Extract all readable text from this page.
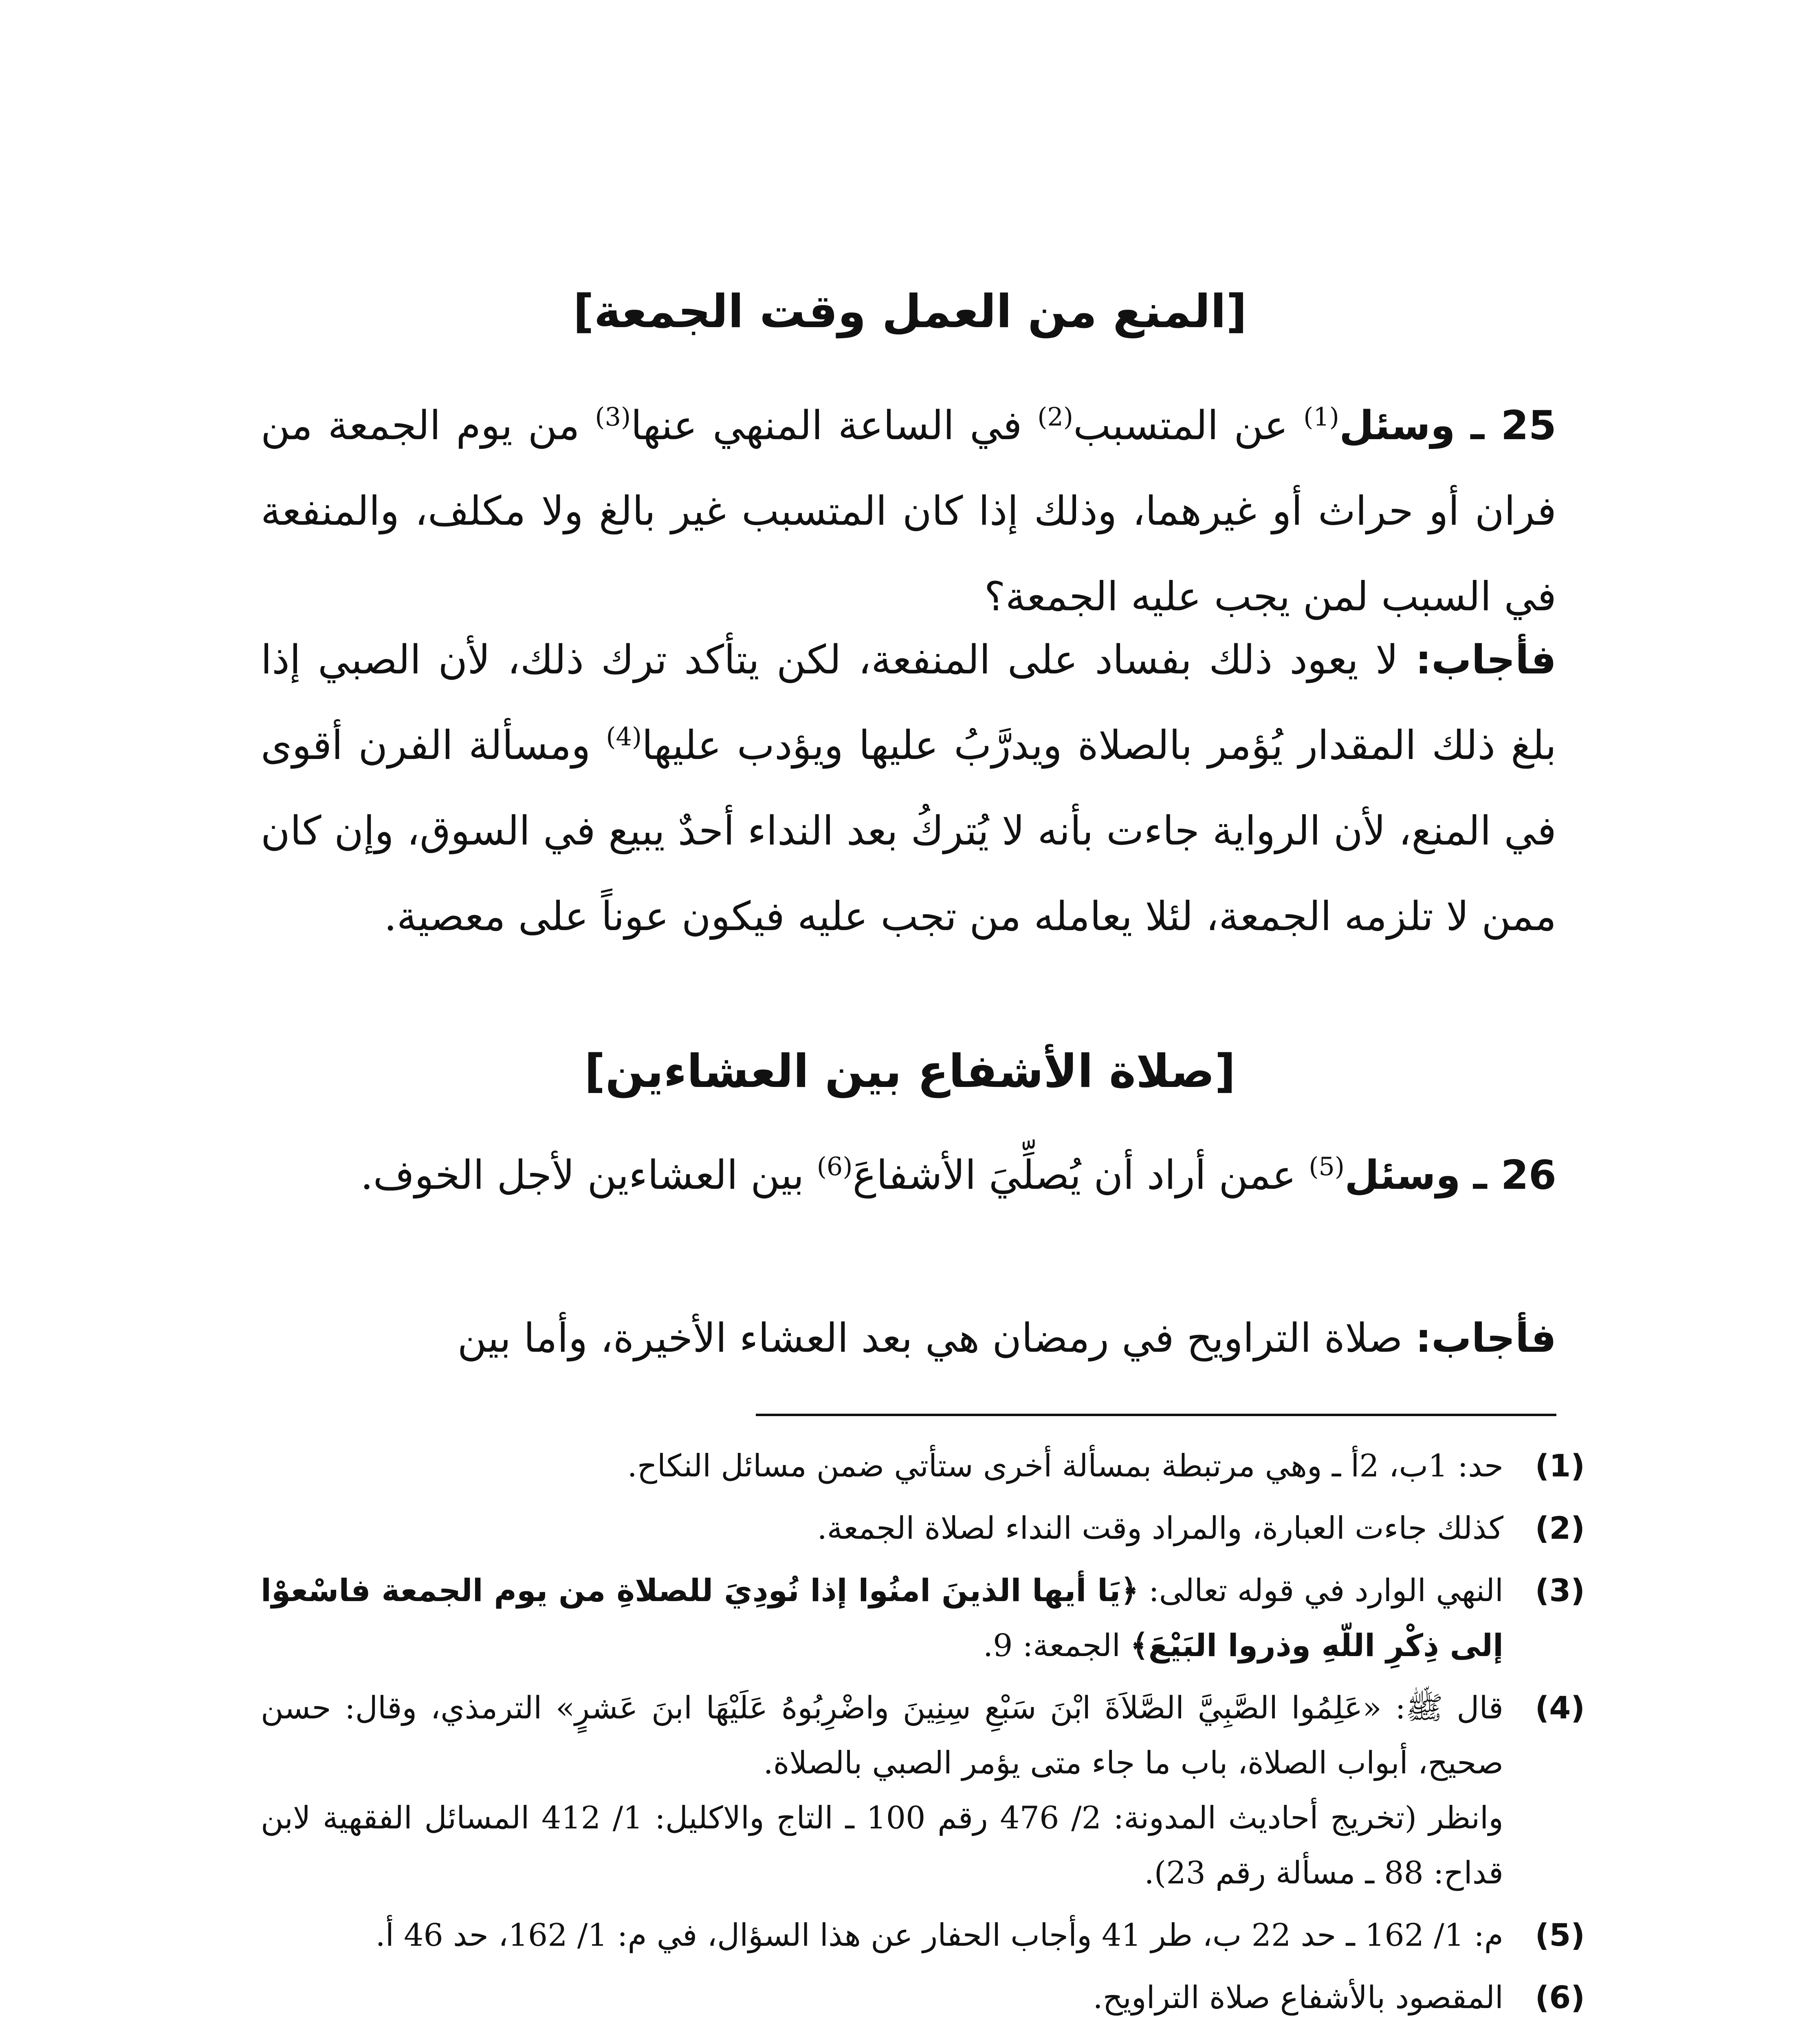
[المنع من العمل وقت الجمعة]
25 ـ وسئل$^{(1)}$ عن المتسبب$^{(2)}$ في الساعة المنهي عنها$^{(3)}$ من يوم الجمعة من فران أو حراث أو غيرهما، وذلك إذا كان المتسبب غير بالغ ولا مكلف، والمنفعة في السبب لمن يجب عليه الجمعة؟
فأجاب: لا يعود ذلك بفساد على المنفعة، لكن يتأكد ترك ذلك، لأن الصبي إذا بلغ ذلك المقدار يُؤمر بالصلاة ويدرَّبُ عليها ويؤدب عليها$^{(4)}$ ومسألة الفرن أقوى في المنع، لأن الرواية جاءت بأنه لا يُتركُ بعد النداء أحدٌ يبيع في السوق، وإن كان ممن لا تلزمه الجمعة، لئلا يعامله من تجب عليه فيكون عوناً على معصية.
[صلاة الأشفاع بين العشاءين]
26 ـ وسئل$^{(5)}$ عمن أراد أن يُصلِّيَ الأشفاعَ$^{(6)}$ بين العشاءين لأجل الخوف.
فأجاب: صلاة التراويح في رمضان هي بعد العشاء الأخيرة، وأما بين
(1)

حد: 1ب، 2أ ـ وهي مرتبطة بمسألة أخرى ستأتي ضمن مسائل النكاح.

(2)

كذلك جاءت العبارة، والمراد وقت النداء لصلاة الجمعة.

(3)

النهي الوارد في قوله تعالى: ﴿يَا أيها الذينَ امنُوا إذا نُودِيَ للصلاةِ من يوم الجمعة فاسْعوْا إلى ذِكْرِ اللّهِ وذروا البَيْعَ﴾ الجمعة: 9.

(4)

قال ﷺ: «عَلِمُوا الصَّبِيَّ الصَّلاَةَ ابْنَ سَبْعِ سِنِينَ واضْرِبُوهُ عَلَيْهَا ابنَ عَشرٍ» الترمذي، وقال: حسن صحيح، أبواب الصلاة، باب ما جاء متى يؤمر الصبي بالصلاة.

وانظر (تخريج أحاديث المدونة: 2/ 476 رقم 100 ـ التاج والاكليل: 1/ 412 المسائل الفقهية لابن قداح: 88 ـ مسألة رقم 23).

(5)

م: 1/ 162 ـ حد 22 ب، طر 41 وأجاب الحفار عن هذا السؤال، في م: 1/ 162، حد 46 أ.

(6)

المقصود بالأشفاع صلاة التراويح.
